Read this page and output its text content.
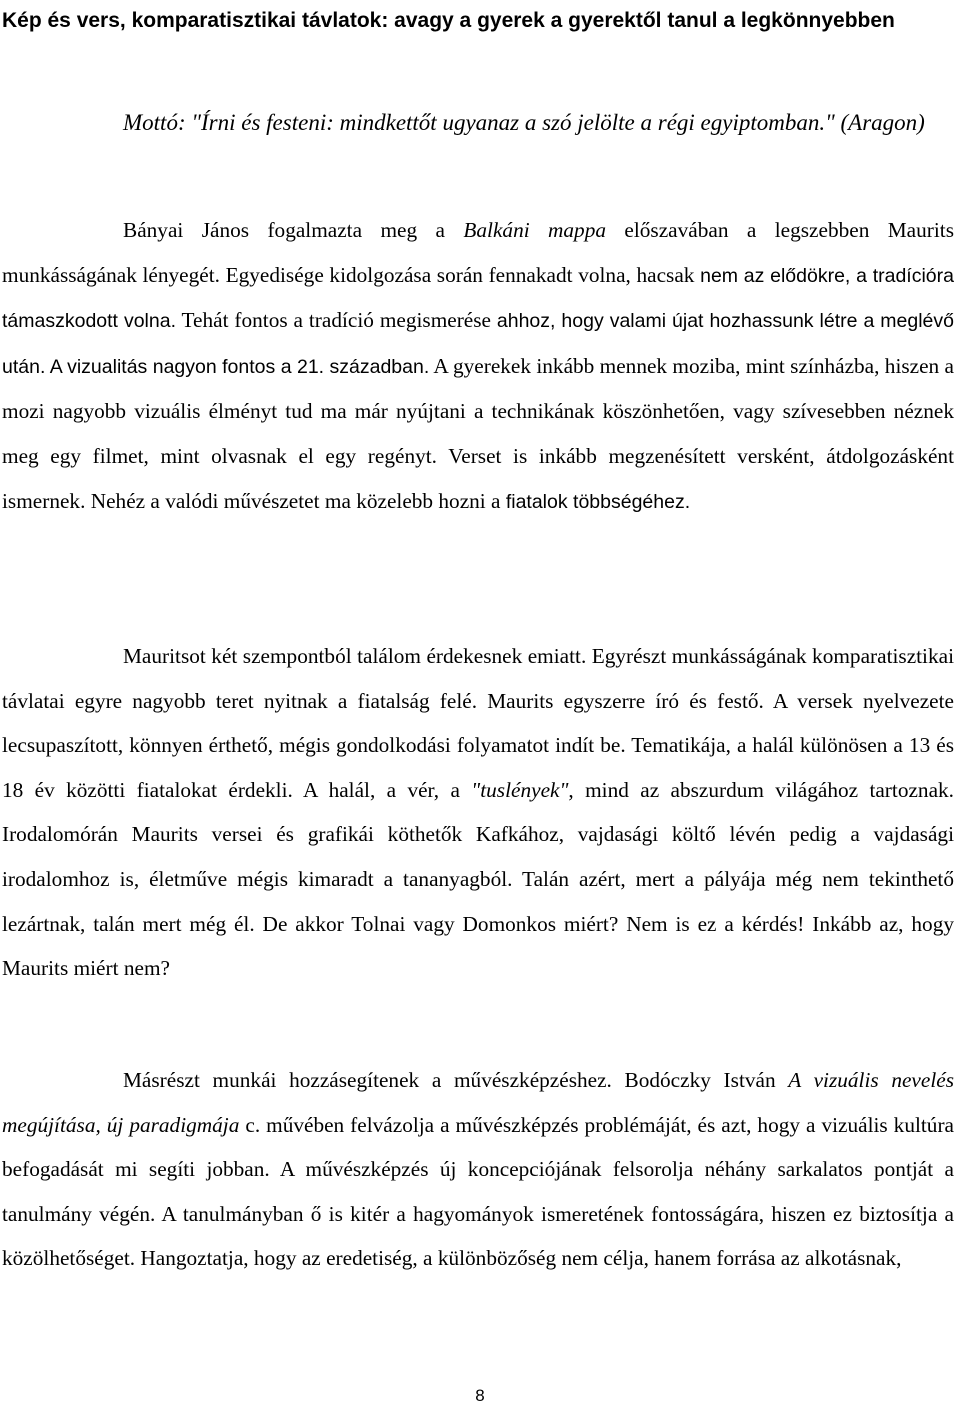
Kép és vers, komparatisztikai távlatok: avagy a gyerek a gyerektől tanul a legkönnyebben

Mottó: "Írni és festeni: mindkettőt ugyanaz a szó jelölte a régi egyiptomban." (Aragon)

Bányai János fogalmazta meg a Balkáni mappa előszavában a legszebben Maurits munkásságának lényegét. Egyedisége kidolgozása során fennakadt volna, hacsak nem az elődökre, a tradícióra támaszkodott volna. Tehát fontos a tradíció megismerése ahhoz, hogy valami újat hozhassunk létre a meglévő után. A vizualitás nagyon fontos a 21. században. A gyerekek inkább mennek moziba, mint színházba, hiszen a mozi nagyobb vizuális élményt tud ma már nyújtani a technikának köszönhetően, vagy szívesebben néznek meg egy filmet, mint olvasnak el egy regényt. Verset is inkább megzenésített versként, átdolgozásként ismernek. Nehéz a valódi művészetet ma közelebb hozni a fiatalok többségéhez.

Mauritsot két szempontból találom érdekesnek emiatt. Egyrészt munkásságának komparatisztikai távlatai egyre nagyobb teret nyitnak a fiatalság felé. Maurits egyszerre író és festő. A versek nyelvezete lecsupaszított, könnyen érthető, mégis gondolkodási folyamatot indít be. Tematikája, a halál különösen a 13 és 18 év közötti fiatalokat érdekli. A halál, a vér, a "tuslények", mind az abszurdum világához tartoznak. Irodalomórán Maurits versei és grafikái köthetők Kafkához, vajdasági költő lévén pedig a vajdasági irodalomhoz is, életműve mégis kimaradt a tananyagból. Talán azért, mert a pályája még nem tekinthető lezártnak, talán mert még él. De akkor Tolnai vagy Domonkos miért? Nem is ez a kérdés! Inkább az, hogy Maurits miért nem?

Másrészt munkái hozzásegítenek a művészképzéshez. Bodóczky István A vizuális nevelés megújítása, új paradigmája c. művében felvázolja a művészképzés problémáját, és azt, hogy a vizuális kultúra befogadását mi segíti jobban. A művészképzés új koncepciójának felsorolja néhány sarkalatos pontját a tanulmány végén. A tanulmányban ő is kitér a hagyományok ismeretének fontosságára, hiszen ez biztosítja a közölhetőséget. Hangoztatja, hogy az eredetiség, a különbözőség nem célja, hanem forrása az alkotásnak,

8
